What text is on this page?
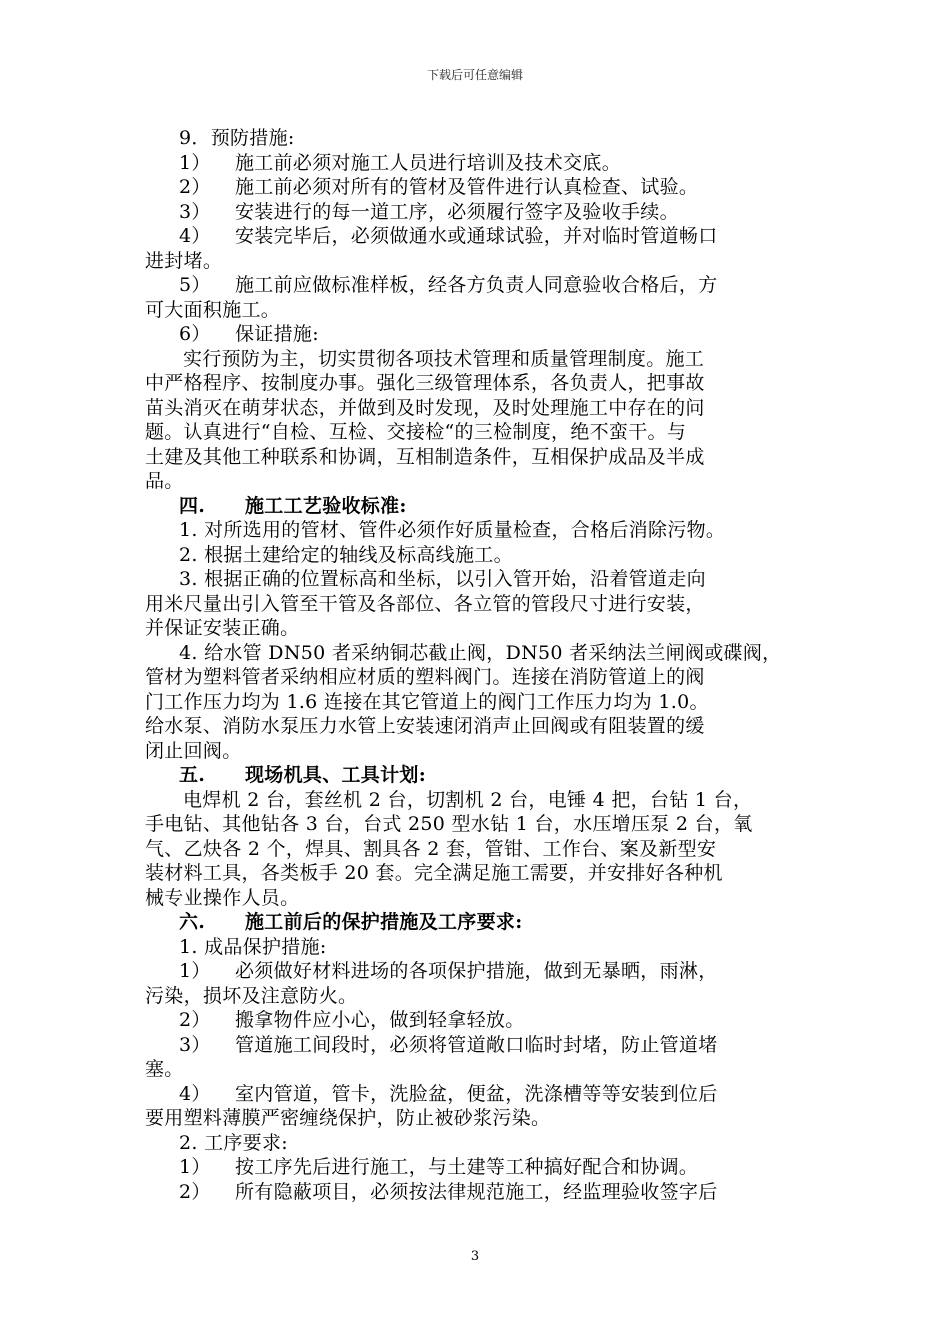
下载后可任意编辑
9．预防措施:
1） 施工前必须对施工人员进行培训及技术交底。
2） 施工前必须对所有的管材及管件进行认真检查、试验。
3） 安装进行的每一道工序，必须履行签字及验收手续。
4） 安装完毕后，必须做通水或通球试验，并对临时管道畅口
进封堵。
5） 施工前应做标准样板，经各方负责人同意验收合格后，方
可大面积施工。
6） 保证措施:
实行预防为主，切实贯彻各项技术管理和质量管理制度。施工
中严格程序、按制度办事。强化三级管理体系，各负责人，把事故
苗头消灭在萌芽状态，并做到及时发现，及时处理施工中存在的问
题。认真进行“自检、互检、交接检“的三检制度，绝不蛮干。与
土建及其他工种联系和协调，互相制造条件，互相保护成品及半成
品。
四. 施工工艺验收标准:
1. 对所选用的管材、管件必须作好质量检查，合格后消除污物。
2. 根据土建给定的轴线及标高线施工。
3. 根据正确的位置标高和坐标，以引入管开始，沿着管道走向
用米尺量出引入管至干管及各部位、各立管的管段尺寸进行安装，
并保证安装正确。
4. 给水管 DN50 者采纳铜芯截止阀，DN50 者采纳法兰闸阀或碟阀，
管材为塑料管者采纳相应材质的塑料阀门。连接在消防管道上的阀
门工作压力均为 1.6 连接在其它管道上的阀门工作压力均为 1.0。
给水泵、消防水泵压力水管上安装速闭消声止回阀或有阻装置的缓
闭止回阀。
五. 现场机具、工具计划:
电焊机 2 台，套丝机 2 台，切割机 2 台，电锤 4 把，台钻 1 台，
手电钻、其他钻各 3 台，台式 250 型水钻 1 台，水压增压泵 2 台，氧
气、乙炔各 2 个，焊具、割具各 2 套，管钳、工作台、案及新型安
装材料工具，各类板手 20 套。完全满足施工需要，并安排好各种机
械专业操作人员。
六. 施工前后的保护措施及工序要求:
1. 成品保护措施:
1） 必须做好材料进场的各项保护措施，做到无暴晒，雨淋，
污染，损坏及注意防火。
2） 搬拿物件应小心，做到轻拿轻放。
3） 管道施工间段时，必须将管道敞口临时封堵，防止管道堵
塞。
4） 室内管道，管卡，洗脸盆，便盆，洗涤槽等等安装到位后
要用塑料薄膜严密缠绕保护，防止被砂浆污染。
2. 工序要求:
1） 按工序先后进行施工，与土建等工种搞好配合和协调。
2） 所有隐蔽项目，必须按法律规范施工，经监理验收签字后
3
